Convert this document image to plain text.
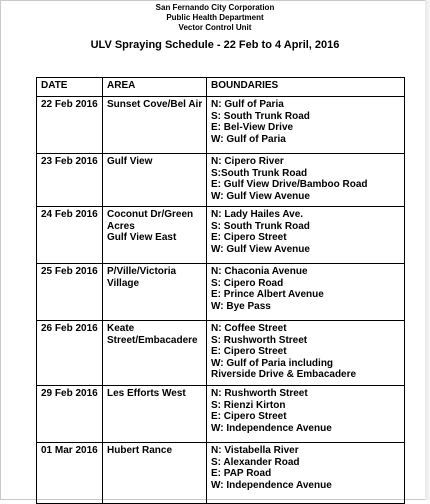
San Fernando City Corporation
Public Health Department
Vector Control Unit
ULV Spraying Schedule - 22 Feb to 4 April, 2016
DATE	AREA	BOUNDARIES
22 Feb 2016	Sunset Cove/Bel Air	N: Gulf of Paria
S: South Trunk Road
E: Bel-View Drive
W: Gulf of Paria

23 Feb 2016	Gulf View	N: Cipero River
S:South Trunk Road
E: Gulf View Drive/Bamboo Road
W: Gulf View Avenue

24 Feb 2016	Coconut Dr/Green
Acres
Gulf View East	N: Lady Hailes Ave.
S: South Trunk Road
E: Cipero Street
W: Gulf View Avenue

25 Feb 2016	P/Ville/Victoria
Village	N: Chaconia Avenue
S: Cipero Road
E: Prince Albert Avenue
W: Bye Pass

26 Feb 2016	Keate
Street/Embacadere	N: Coffee Street
S: Rushworth Street
E: Cipero Street
W: Gulf of Paria including
Riverside Drive & Embacadere

29 Feb 2016	Les Efforts West	N: Rushworth Street
S: Rienzi Kirton
E: Cipero Street
W: Independence Avenue

01 Mar 2016	Hubert Rance	N: Vistabella River
S: Alexander Road
E: PAP Road
W: Independence Avenue
